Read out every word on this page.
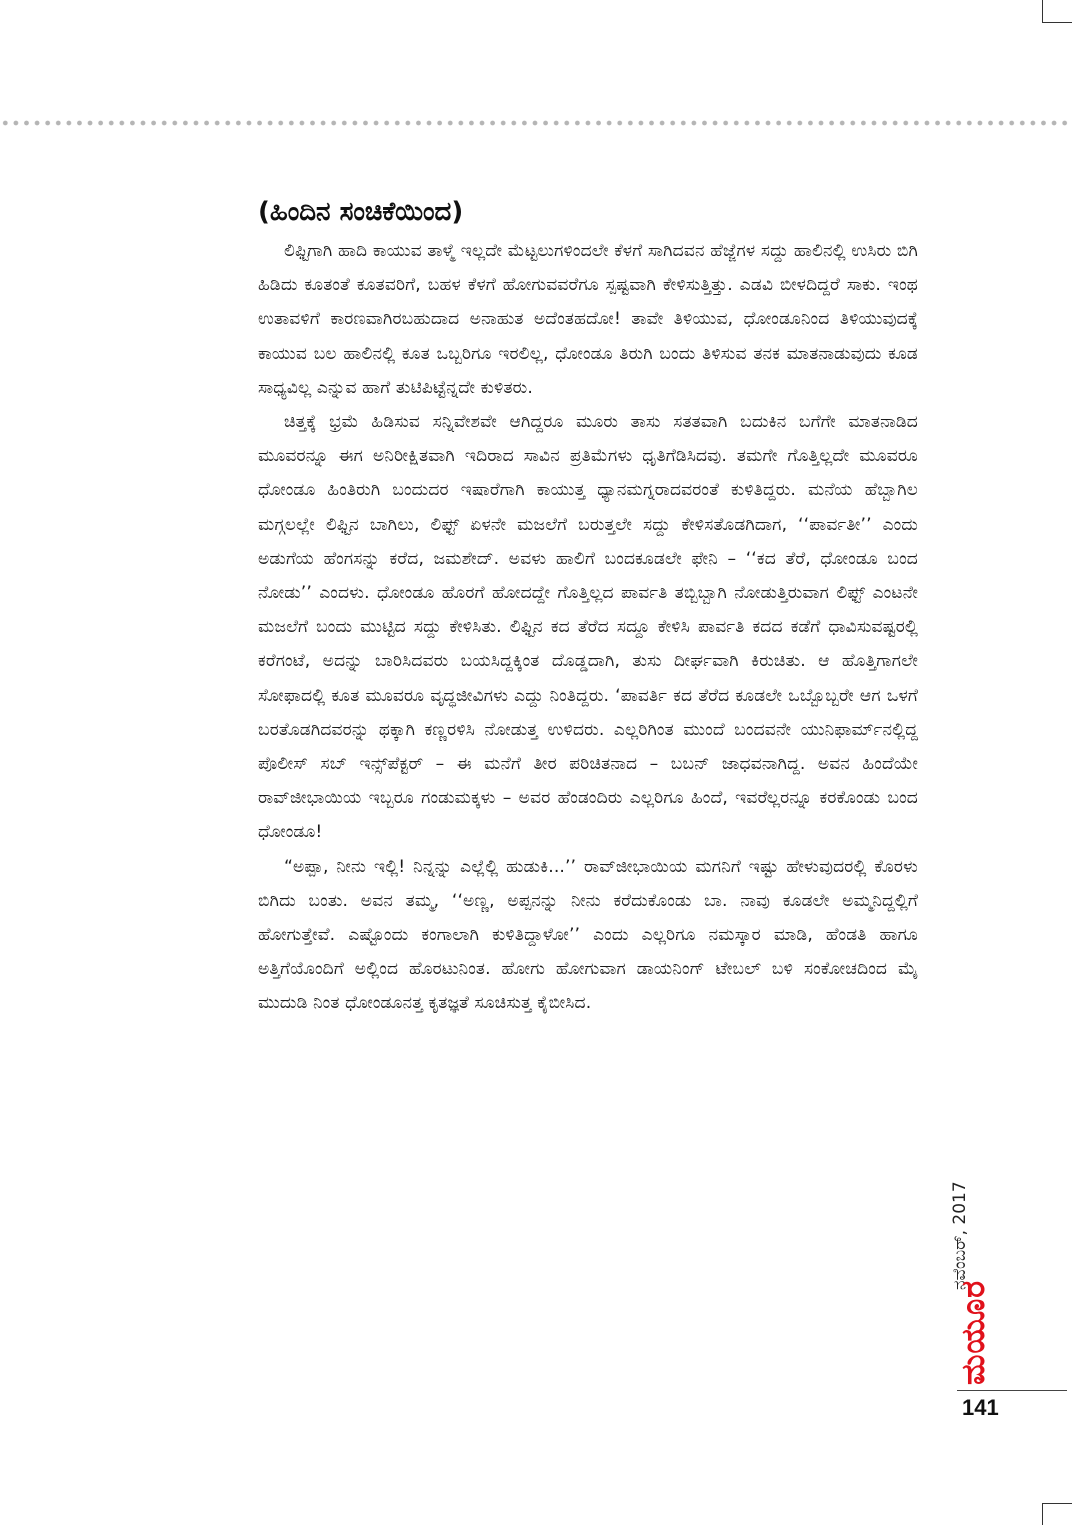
(ಹಿಂದಿನ ಸಂಚಿಕೆಯಿಂದ)

ಲಿಫ್ಟಿಗಾಗಿ ಹಾದಿ ಕಾಯುವ ತಾಳ್ಮೆ ಇಲ್ಲದೇ ಮೆಟ್ಟಲುಗಳಿಂದಲೇ ಕೆಳಗೆ ಸಾಗಿದವನ ಹೆಜ್ಜೆಗಳ ಸದ್ದು ಹಾಲಿನಲ್ಲಿ ಉಸಿರು ಬಿಗಿ ಹಿಡಿದು ಕೂತಂತೆ ಕೂತವರಿಗೆ, ಬಹಳ ಕೆಳಗೆ ಹೋಗುವವರೆಗೂ ಸ್ಪಷ್ಟವಾಗಿ ಕೇಳಿಸುತ್ತಿತ್ತು. ಎಡವಿ ಬೀಳದಿದ್ದರೆ ಸಾಕು. ಇಂಥ ಉತಾವಳಿಗೆ ಕಾರಣವಾಗಿರಬಹುದಾದ ಅನಾಹುತ ಅದೆಂತಹದೋ! ತಾವೇ ತಿಳಿಯುವ, ಧೋಂಡೂನಿಂದ ತಿಳಿಯುವುದಕ್ಕೆ ಕಾಯುವ ಬಲ ಹಾಲಿನಲ್ಲಿ ಕೂತ ಒಬ್ಬರಿಗೂ ಇರಲಿಲ್ಲ, ಧೋಂಡೂ ತಿರುಗಿ ಬಂದು ತಿಳಿಸುವ ತನಕ ಮಾತನಾಡುವುದು ಕೂಡ ಸಾಧ್ಯವಿಲ್ಲ ಎನ್ನುವ ಹಾಗೆ ತುಟಿಪಿಟ್ಟೆನ್ನದೇ ಕುಳಿತರು.

ಚಿತ್ತಕ್ಕೆ ಭ್ರಮೆ ಹಿಡಿಸುವ ಸನ್ನಿವೇಶವೇ ಆಗಿದ್ದರೂ ಮೂರು ತಾಸು ಸತತವಾಗಿ ಬದುಕಿನ ಬಗೆಗೇ ಮಾತನಾಡಿದ ಮೂವರನ್ನೂ ಈಗ ಅನಿರೀಕ್ಷಿತವಾಗಿ ಇದಿರಾದ ಸಾವಿನ ಪ್ರತಿಮೆಗಳು ಧೃತಿಗೆಡಿಸಿದವು. ತಮಗೇ ಗೊತ್ತಿಲ್ಲದೇ ಮೂವರೂ ಧೋಂಡೂ ಹಿಂತಿರುಗಿ ಬಂದುದರ ಇಷಾರೆಗಾಗಿ ಕಾಯುತ್ತ ಧ್ಯಾನಮಗ್ನರಾದವರಂತೆ ಕುಳಿತಿದ್ದರು. ಮನೆಯ ಹೆಬ್ಬಾಗಿಲ ಮಗ್ಗಲಲ್ಲೇ ಲಿಫ್ಟಿನ ಬಾಗಿಲು, ಲಿಫ್ಟ್ ಏಳನೇ ಮಜಲೆಗೆ ಬರುತ್ತಲೇ ಸದ್ದು ಕೇಳಿಸತೊಡಗಿದಾಗ, ‘‘ಪಾರ್ವತೀ’’ ಎಂದು ಅಡುಗೆಯ ಹೆಂಗಸನ್ನು ಕರೆದ, ಜಮಶೇದ್. ಅವಳು ಹಾಲಿಗೆ ಬಂದಕೂಡಲೇ ಫೇನಿ – ‘‘ಕದ ತೆರೆ, ಧೋಂಡೂ ಬಂದ ನೋಡು’’ ಎಂದಳು. ಧೋಂಡೂ ಹೊರಗೆ ಹೋದದ್ದೇ ಗೊತ್ತಿಲ್ಲದ ಪಾರ್ವತಿ ತಬ್ಬಿಬ್ಬಾಗಿ ನೋಡುತ್ತಿರುವಾಗ ಲಿಫ್ಟ್ ಎಂಟನೇ ಮಜಲೆಗೆ ಬಂದು ಮುಟ್ಟಿದ ಸದ್ದು ಕೇಳಿಸಿತು. ಲಿಫ್ಟಿನ ಕದ ತೆರೆದ ಸದ್ದೂ ಕೇಳಿಸಿ ಪಾರ್ವತಿ ಕದದ ಕಡೆಗೆ ಧಾವಿಸುವಷ್ಟರಲ್ಲಿ ಕರೆಗಂಟೆ, ಅದನ್ನು ಬಾರಿಸಿದವರು ಬಯಸಿದ್ದಕ್ಕಿಂತ ದೊಡ್ಡದಾಗಿ, ತುಸು ದೀರ್ಘವಾಗಿ ಕಿರುಚಿತು. ಆ ಹೊತ್ತಿಗಾಗಲೇ ಸೋಫಾದಲ್ಲಿ ಕೂತ ಮೂವರೂ ವೃದ್ಧಜೀವಿಗಳು ಎದ್ದು ನಿಂತಿದ್ದರು. ‘ಪಾವರ್ತಿ ಕದ ತೆರೆದ ಕೂಡಲೇ ಒಬ್ಬೊಬ್ಬರೇ ಆಗ ಒಳಗೆ ಬರತೊಡಗಿದವರನ್ನು ಥಕ್ಕಾಗಿ ಕಣ್ಣರಳಿಸಿ ನೋಡುತ್ತ ಉಳಿದರು. ಎಲ್ಲರಿಗಿಂತ ಮುಂದೆ ಬಂದವನೇ ಯುನಿಫಾರ್ಮ್‌ನಲ್ಲಿದ್ದ ಪೊಲೀಸ್ ಸಬ್ ಇನ್ಸ್‌ಪೆಕ್ಟರ್ – ಈ ಮನೆಗೆ ತೀರ ಪರಿಚಿತನಾದ – ಬಬನ್ ಜಾಧವನಾಗಿದ್ದ. ಅವನ ಹಿಂದೆಯೇ ರಾವ್‌ಜೀಭಾಯಿಯ ಇಬ್ಬರೂ ಗಂಡುಮಕ್ಕಳು – ಅವರ ಹೆಂಡಂದಿರು ಎಲ್ಲರಿಗೂ ಹಿಂದೆ, ಇವರೆಲ್ಲರನ್ನೂ ಕರಕೊಂಡು ಬಂದ ಧೋಂಡೂ!

“ಅಪ್ಪಾ, ನೀನು ಇಲ್ಲಿ! ನಿನ್ನನ್ನು ಎಲ್ಲೆಲ್ಲಿ ಹುಡುಕಿ...’’ ರಾವ್‌ಜೀಭಾಯಿಯ ಮಗನಿಗೆ ಇಷ್ಟು ಹೇಳುವುದರಲ್ಲಿ ಕೊರಳು ಬಿಗಿದು ಬಂತು. ಅವನ ತಮ್ಮ, ‘‘ಅಣ್ಣ, ಅಪ್ಪನನ್ನು ನೀನು ಕರೆದುಕೊಂಡು ಬಾ. ನಾವು ಕೂಡಲೇ ಅಮ್ಮನಿದ್ದಲ್ಲಿಗೆ ಹೋಗುತ್ತೇವೆ. ಎಷ್ಟೊಂದು ಕಂಗಾಲಾಗಿ ಕುಳಿತಿದ್ದಾಳೋ’’ ಎಂದು ಎಲ್ಲರಿಗೂ ನಮಸ್ಕಾರ ಮಾಡಿ, ಹೆಂಡತಿ ಹಾಗೂ ಅತ್ತಿಗೆಯೊಂದಿಗೆ ಅಲ್ಲಿಂದ ಹೊರಟುನಿಂತ. ಹೋಗು ಹೋಗುವಾಗ ಡಾಯನಿಂಗ್ ಟೇಬಲ್ ಬಳಿ ಸಂಕೋಚದಿಂದ ಮೈ ಮುದುಡಿ ನಿಂತ ಧೋಂಡೂನತ್ತ ಕೃತಜ್ಞತೆ ಸೂಚಿಸುತ್ತ ಕೈಬೀಸಿದ.

ನವೆಂಬರ್, 2017
ಮಯೂರ
141
